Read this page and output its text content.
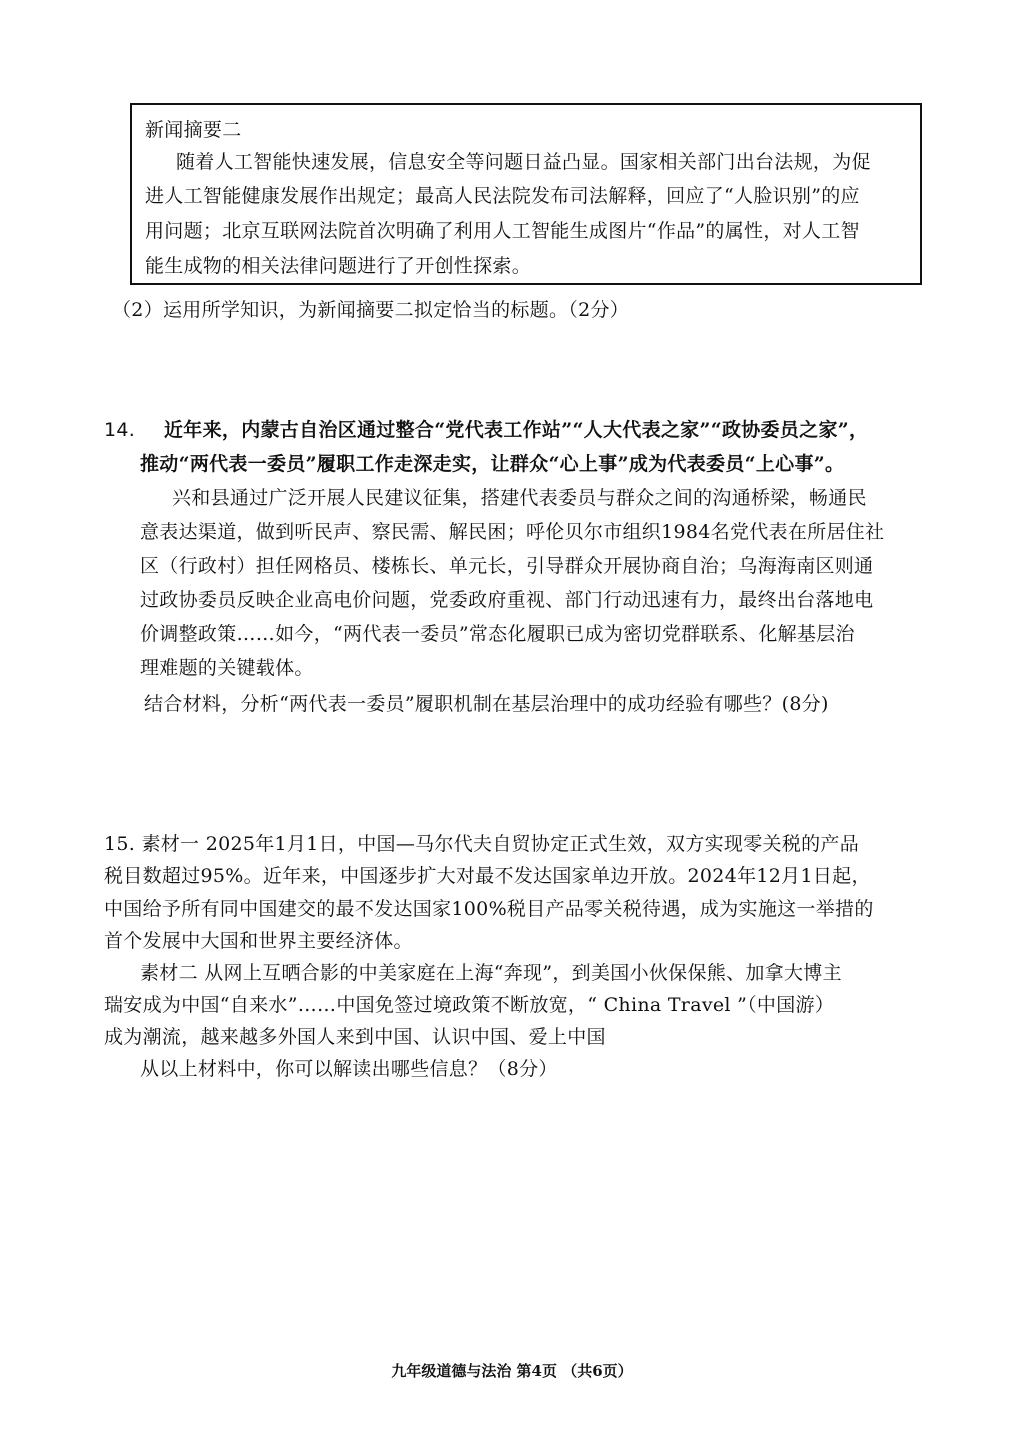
新闻摘要二
随着人工智能快速发展，信息安全等问题日益凸显。国家相关部门出台法规，为促
进人工智能健康发展作出规定；最高人民法院发布司法解释，回应了“人脸识别”的应
用问题；北京互联网法院首次明确了利用人工智能生成图片“作品”的属性，对人工智
能生成物的相关法律问题进行了开创性探索。
（2）运用所学知识，为新闻摘要二拟定恰当的标题。（2分）
14. 近年来，内蒙古自治区通过整合“党代表工作站”“人大代表之家”“政协委员之家”，
推动“两代表一委员”履职工作走深走实，让群众“心上事”成为代表委员“上心事”。
兴和县通过广泛开展人民建议征集，搭建代表委员与群众之间的沟通桥梁，畅通民
意表达渠道，做到听民声、察民需、解民困；呼伦贝尔市组织1984名党代表在所居住社
区（行政村）担任网格员、楼栋长、单元长，引导群众开展协商自治；乌海海南区则通
过政协委员反映企业高电价问题，党委政府重视、部门行动迅速有力，最终出台落地电
价调整政策……如今，“两代表一委员”常态化履职已成为密切党群联系、化解基层治
理难题的关键载体。
结合材料，分析“两代表一委员”履职机制在基层治理中的成功经验有哪些？(8分)
15. 素材一 2025年1月1日，中国—马尔代夫自贸协定正式生效，双方实现零关税的产品
税目数超过95%。近年来，中国逐步扩大对最不发达国家单边开放。2024年12月1日起，
中国给予所有同中国建交的最不发达国家100%税目产品零关税待遇，成为实施这一举措的
首个发展中大国和世界主要经济体。
素材二 从网上互晒合影的中美家庭在上海“奔现”，到美国小伙保保熊、加拿大博主
瑞安成为中国“自来水”……中国免签过境政策不断放宽，“ China Travel ”（中国游）
成为潮流，越来越多外国人来到中国、认识中国、爱上中国
从以上材料中，你可以解读出哪些信息？（8分）
九年级道德与法治 第4页 （共6页）
